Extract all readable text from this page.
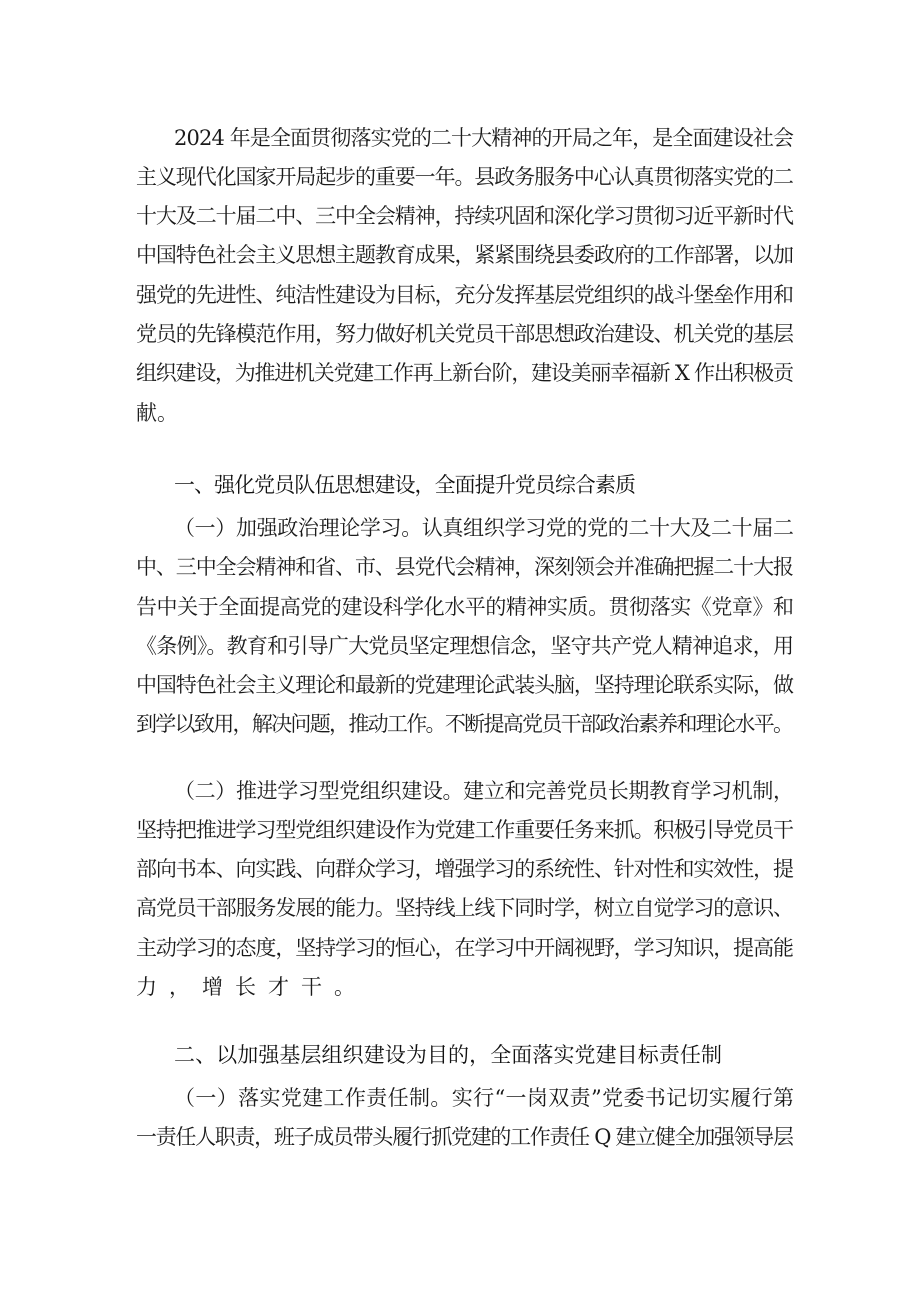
2024 年是全面贯彻落实党的二十大精神的开局之年，是全面建设社会
主义现代化国家开局起步的重要一年。县政务服务中心认真贯彻落实党的二
十大及二十届二中、三中全会精神，持续巩固和深化学习贯彻习近平新时代
中国特色社会主义思想主题教育成果，紧紧围绕县委政府的工作部署，以加
强党的先进性、纯洁性建设为目标，充分发挥基层党组织的战斗堡垒作用和
党员的先锋模范作用，努力做好机关党员干部思想政治建设、机关党的基层
组织建设，为推进机关党建工作再上新台阶，建设美丽幸福新 X 作出积极贡
献。
一、强化党员队伍思想建设，全面提升党员综合素质
（一）加强政治理论学习。认真组织学习党的党的二十大及二十届二
中、三中全会精神和省、市、县党代会精神，深刻领会并准确把握二十大报
告中关于全面提高党的建设科学化水平的精神实质。贯彻落实《党章》和
《条例》。教育和引导广大党员坚定理想信念，坚守共产党人精神追求，用
中国特色社会主义理论和最新的党建理论武装头脑，坚持理论联系实际，做
到学以致用，解决问题，推动工作。不断提高党员干部政治素养和理论水平。
（二）推进学习型党组织建设。建立和完善党员长期教育学习机制，
坚持把推进学习型党组织建设作为党建工作重要任务来抓。积极引导党员干
部向书本、向实践、向群众学习，增强学习的系统性、针对性和实效性，提
高党员干部服务发展的能力。坚持线上线下同时学，树立自觉学习的意识、
主动学习的态度，坚持学习的恒心，在学习中开阔视野，学习知识，提高能
力，增长才干。
二、以加强基层组织建设为目的，全面落实党建目标责任制
（一）落实党建工作责任制。实行“一岗双责”党委书记切实履行第
一责任人职责，班子成员带头履行抓党建的工作责任 Q 建立健全加强领导层
